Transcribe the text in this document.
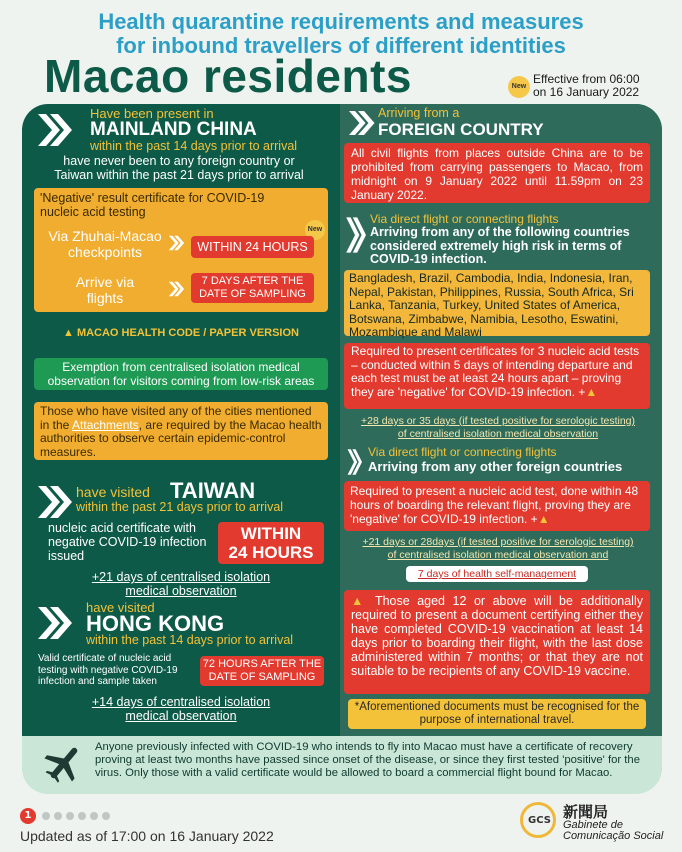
Health quarantine requirements and measures
for inbound travellers of different identities
Macao residents	New
Effective from 06:00
on 16 January 2022
Have been present in
MAINLAND CHINA
within the past 14 days prior to arrival
have never been to any foreign country or
Taiwan within the past 21 days prior to arrival
'Negative' result certificate for COVID-19 nucleic acid testing
New
Via Zhuhai-Macao checkpoints	WITHIN 24 HOURS
Arrive via flights
7 DAYS AFTER THE DATE OF SAMPLING
▲ MACAO HEALTH CODE / PAPER VERSION
Exemption from centralised isolation medical observation for visitors coming from low-risk areas
Those who have visited any of the cities mentioned in the Attachments, are required by the Macao health authorities to observe certain epidemic-control measures.
have visited TAIWAN
within the past 21 days prior to arrival
nucleic acid certificate with negative COVID-19 infection issued
WITHIN
24 HOURS
+21 days of centralised isolation
medical observation
have visited
HONG KONG
within the past 14 days prior to arrival
Valid certificate of nucleic acid testing with negative COVID-19 infection and sample taken
72 HOURS AFTER THE DATE OF SAMPLING
+14 days of centralised isolation
medical observation
Arriving from a
FOREIGN COUNTRY
All civil flights from places outside China are to be prohibited from carrying passengers to Macao, from midnight on 9 January 2022 until 11.59pm on 23 January 2022.
Via direct flight or connecting flights
Arriving from any of the following countries considered extremely high risk in terms of COVID-19 infection.
Bangladesh, Brazil, Cambodia, India, Indonesia, Iran, Nepal, Pakistan, Philippines, Russia, South Africa, Sri Lanka, Tanzania, Turkey, United States of America, Botswana, Zimbabwe, Namibia, Lesotho, Eswatini, Mozambique and Malawi
Required to present certificates for 3 nucleic acid tests – conducted within 5 days of intending departure and each test must be at least 24 hours apart – proving they are 'negative' for COVID-19 infection. +▲
+28 days or 35 days (if tested positive for serologic testing)
of centralised isolation medical observation
Via direct flight or connecting flights
Arriving from any other foreign countries
Required to present a nucleic acid test, done within 48 hours of boarding the relevant flight, proving they are 'negative' for COVID-19 infection. +▲
+21 days or 28days (if tested positive for serologic testing)
of centralised isolation medical observation and
7 days of health self-management
▲ Those aged 12 or above will be additionally required to present a document certifying either they have completed COVID-19 vaccination at least 14 days prior to boarding their flight, with the last dose administered within 7 months; or that they are not suitable to be recipients of any COVID-19 vaccine.
*Aforementioned documents must be recognised for the purpose of international travel.
Anyone previously infected with COVID-19 who intends to fly into Macao must have a certificate of recovery proving at least two months have passed since onset of the disease, or since they first tested 'positive' for the virus. Only those with a valid certificate would be allowed to board a commercial flight bound for Macao.
1
Updated as of 17:00 on 16 January 2022
GCS 新聞局
Gabinete de
Comunicação Social
